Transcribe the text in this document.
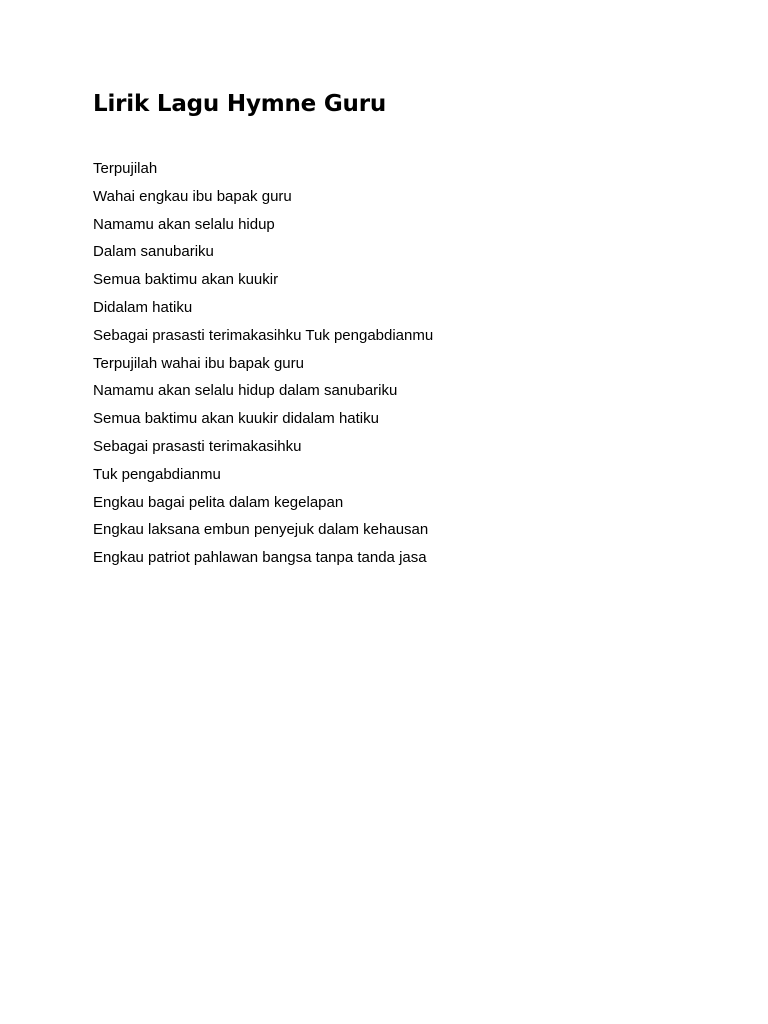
Lirik Lagu Hymne Guru
Terpujilah
Wahai engkau ibu bapak guru
Namamu akan selalu hidup
Dalam sanubariku
Semua baktimu akan kuukir
Didalam hatiku
Sebagai prasasti terimakasihku Tuk pengabdianmu
Terpujilah wahai ibu bapak guru
Namamu akan selalu hidup dalam sanubariku
Semua baktimu akan kuukir didalam hatiku
Sebagai prasasti terimakasihku
Tuk pengabdianmu
Engkau bagai pelita dalam kegelapan
Engkau laksana embun penyejuk dalam kehausan
Engkau patriot pahlawan bangsa tanpa tanda jasa
